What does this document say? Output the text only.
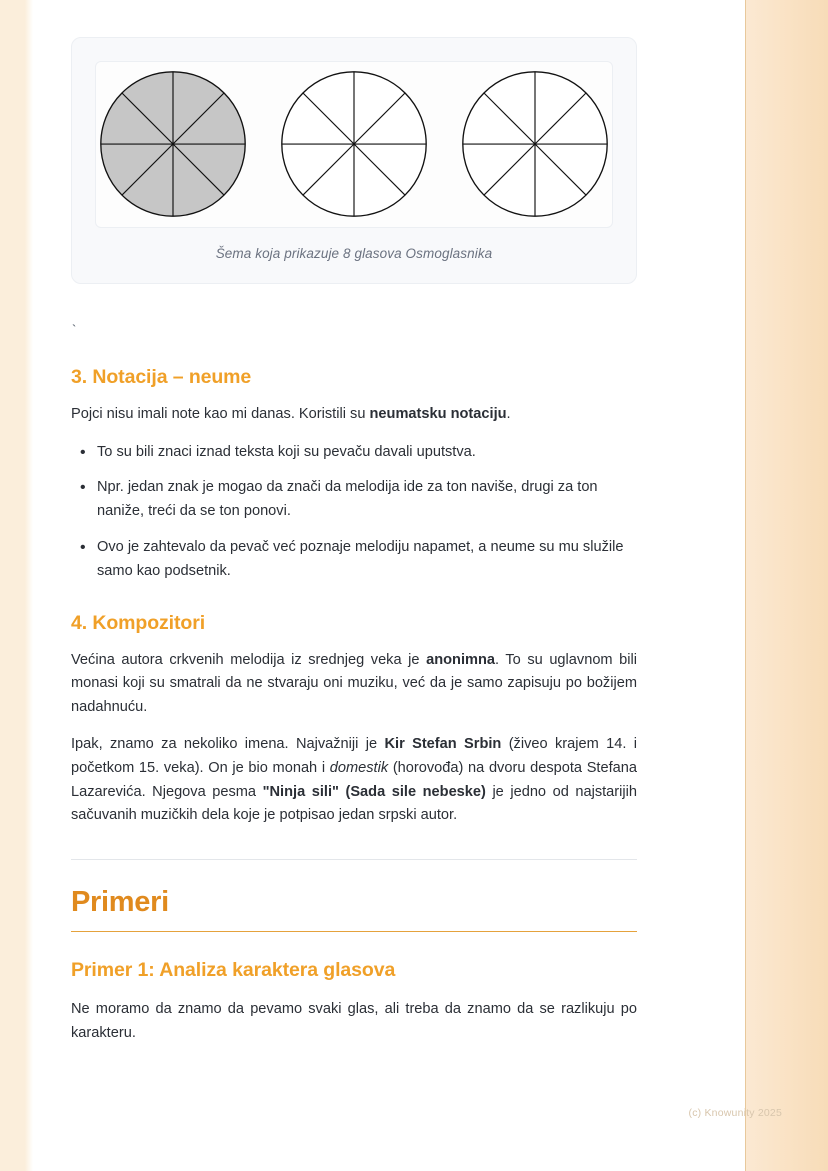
Šema koja prikazuje 8 glasova Osmoglasnika
`
3. Notacija – neume

Pojci nisu imali note kao mi danas. Koristili su neumatsku notaciju.

• To su bili znaci iznad teksta koji su pevaču davali uputstva.
• Npr. jedan znak je mogao da znači da melodija ide za ton naviše, drugi za ton naniže, treći da se ton ponovi.
• Ovo je zahtevalo da pevač već poznaje melodiju napamet, a neume su mu služile samo kao podsetnik.
4. Kompozitori

Većina autora crkvenih melodija iz srednjeg veka je anonimna. To su uglavnom bili monasi koji su smatrali da ne stvaraju oni muziku, već da je samo zapisuju po božijem nadahnuću.

Ipak, znamo za nekoliko imena. Najvažniji je Kir Stefan Srbin (živeo krajem 14. i početkom 15. veka). On je bio monah i domestik (horovođa) na dvoru despota Stefana Lazarevića. Njegova pesma "Ninja sili" (Sada sile nebeske) je jedno od najstarijih sačuvanih muzičkih dela koje je potpisao jedan srpski autor.

Primeri
Primer 1: Analiza karaktera glasova

Ne moramo da znamo da pevamo svaki glas, ali treba da znamo da se razlikuju po karakteru.

(c) Knowunity 2025
